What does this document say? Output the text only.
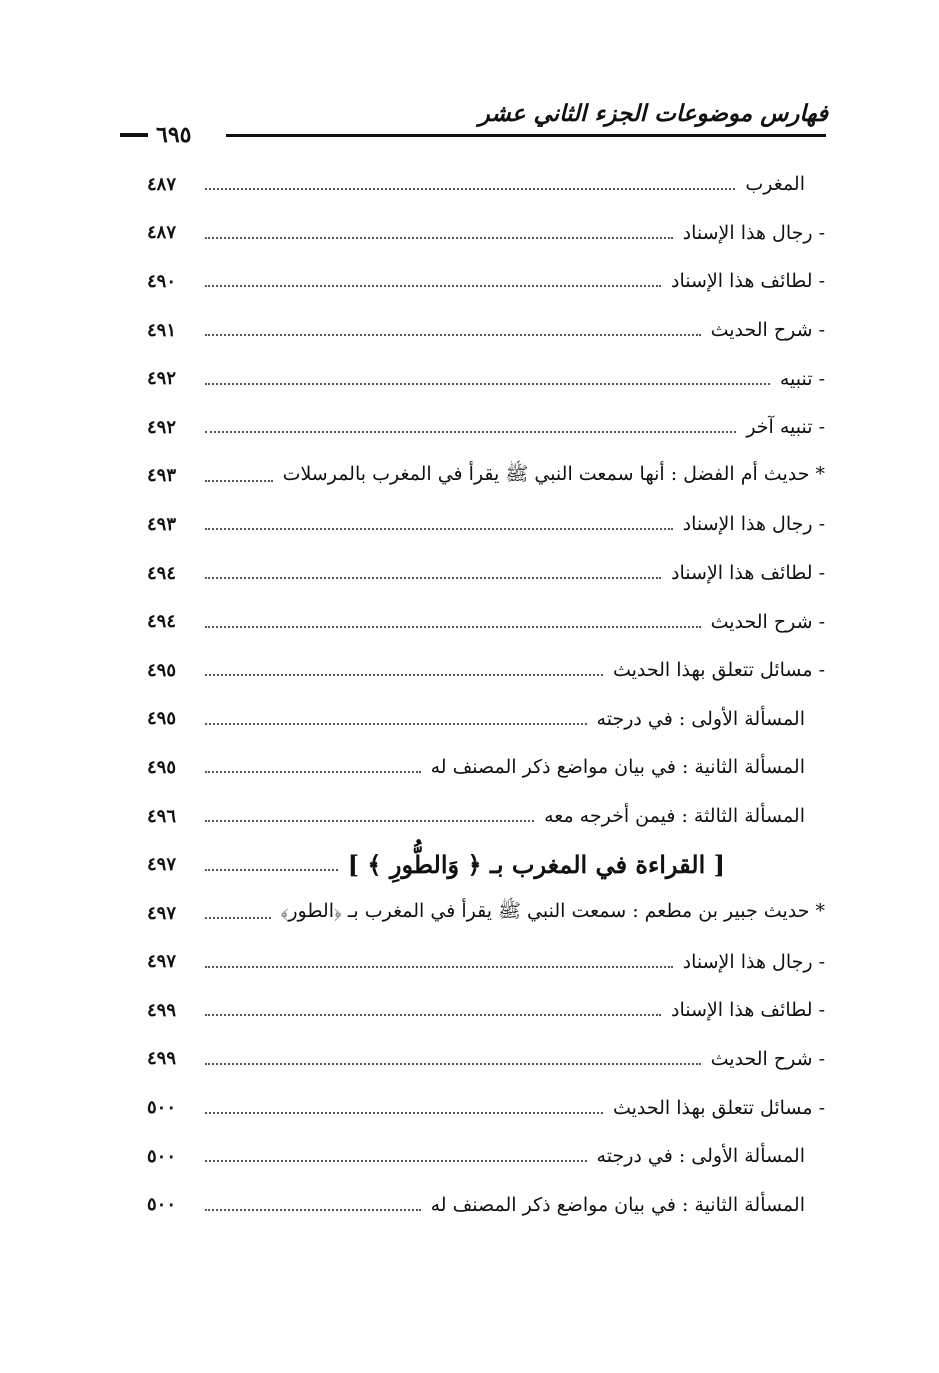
فهارس موضوعات الجزء الثاني عشر
٦٩٥
المغرب
٤٨٧
- رجال هذا الإسناد
٤٨٧
- لطائف هذا الإسناد
٤٩٠
- شرح الحديث
٤٩١
- تنبيه
٤٩٢
- تنبيه آخر
٤٩٢
* حديث أم الفضل : أنها سمعت النبي ﷺ يقرأ في المغرب بالمرسلات
٤٩٣
- رجال هذا الإسناد
٤٩٣
- لطائف هذا الإسناد
٤٩٤
- شرح الحديث
٤٩٤
- مسائل تتعلق بهذا الحديث
٤٩٥
المسألة الأولى : في درجته
٤٩٥
المسألة الثانية : في بيان مواضع ذكر المصنف له
٤٩٥
المسألة الثالثة : فيمن أخرجه معه
٤٩٦
[ القراءة في المغرب بـ ﴿ وَالطُّورِ ﴾ ]
٤٩٧
* حديث جبير بن مطعم : سمعت النبي ﷺ يقرأ في المغرب بـ ﴿الطور﴾
٤٩٧
- رجال هذا الإسناد
٤٩٧
- لطائف هذا الإسناد
٤٩٩
- شرح الحديث
٤٩٩
- مسائل تتعلق بهذا الحديث
٥٠٠
المسألة الأولى : في درجته
٥٠٠
المسألة الثانية : في بيان مواضع ذكر المصنف له
٥٠٠
